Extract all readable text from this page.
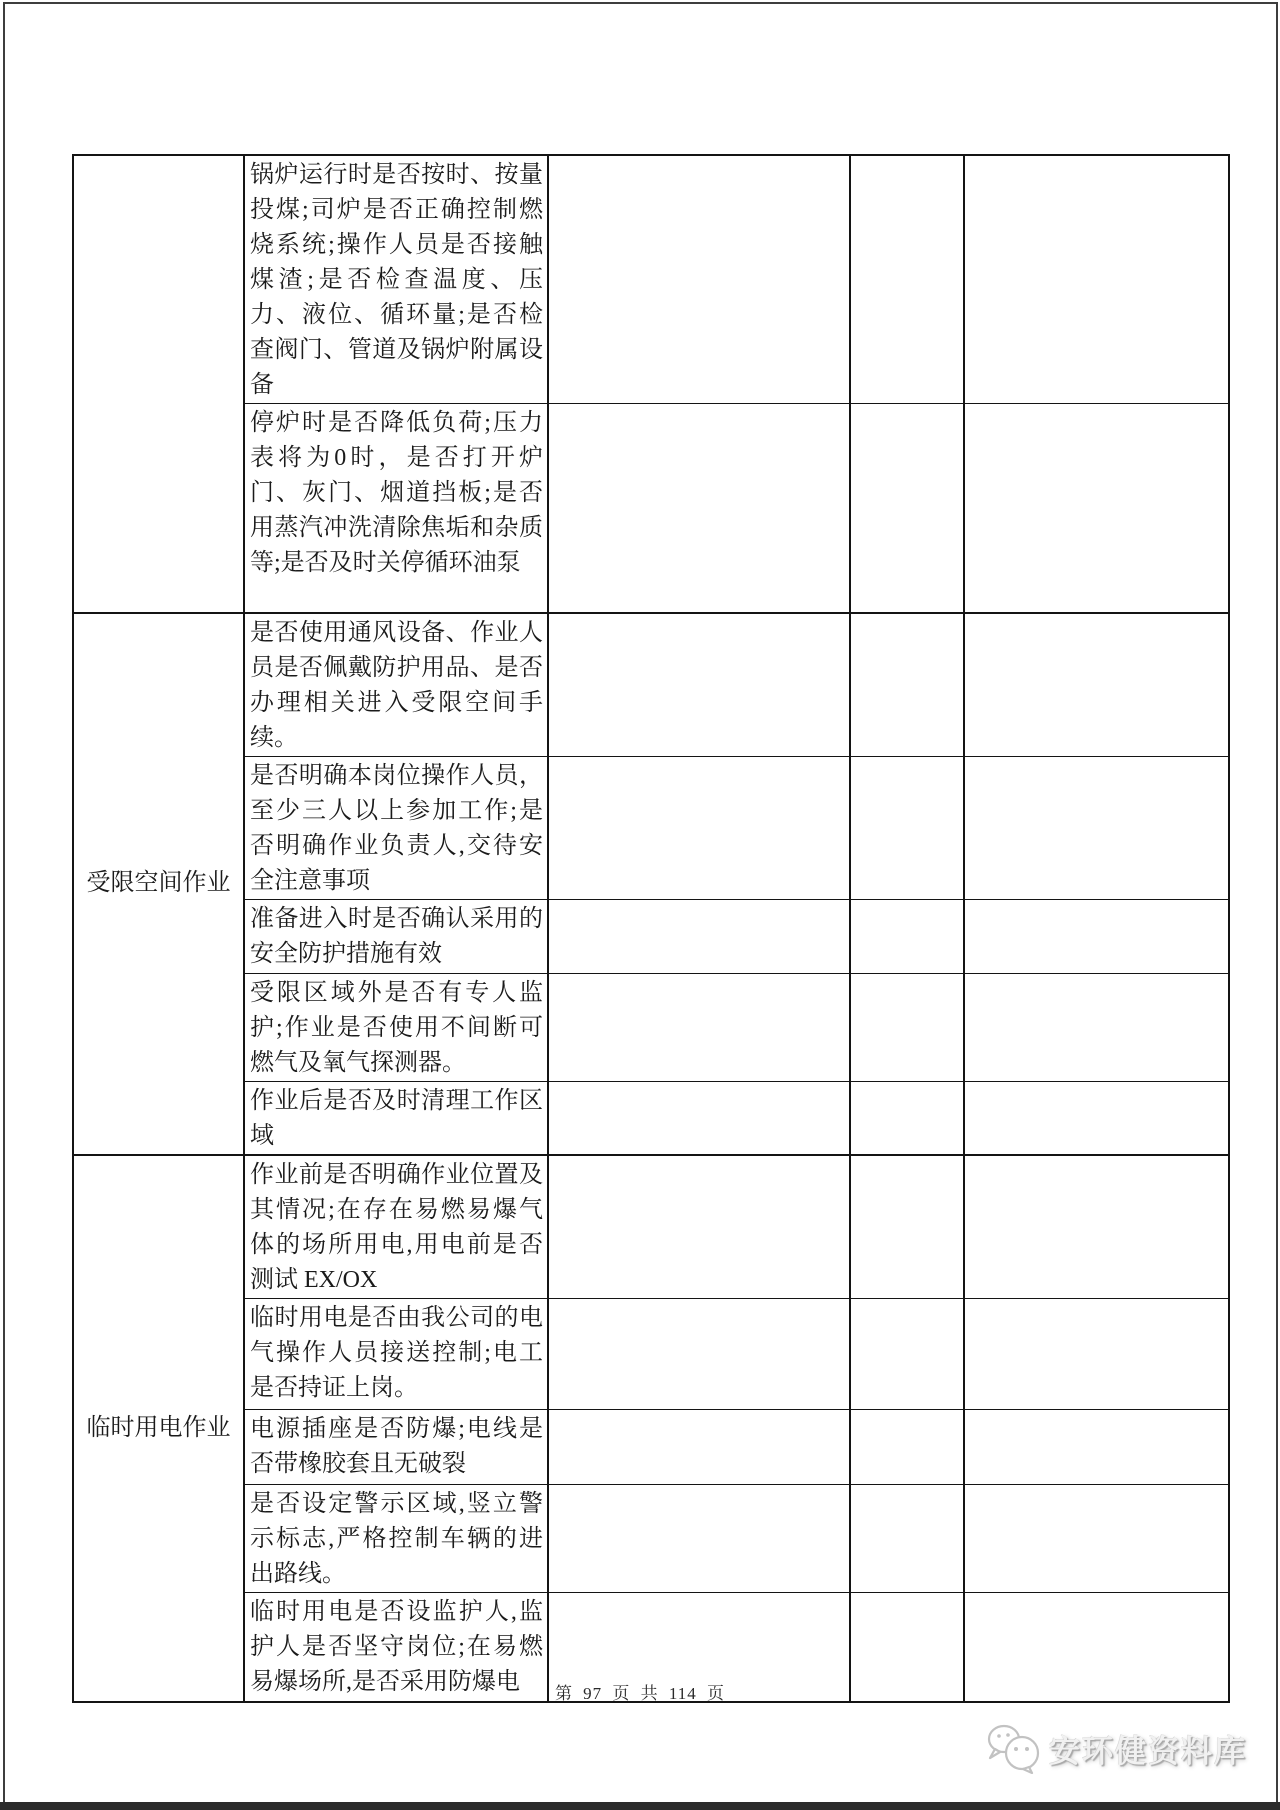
	锅炉运行时是否按时、按量投煤;司炉是否正确控制燃烧系统;操作人员是否接触煤渣;是否检查温度、压力、液位、循环量;是否检查阀门、管道及锅炉附属设备			
	停炉时是否降低负荷;压力表将为0时，是否打开炉门、灰门、烟道挡板;是否用蒸汽冲洗清除焦垢和杂质等;是否及时关停循环油泵			
受限空间作业	是否使用通风设备、作业人员是否佩戴防护用品、是否办理相关进入受限空间手续。			
	是否明确本岗位操作人员，至少三人以上参加工作;是否明确作业负责人,交待安全注意事项			
	准备进入时是否确认采用的安全防护措施有效			
	受限区域外是否有专人监护;作业是否使用不间断可燃气及氧气探测器。			
	作业后是否及时清理工作区域			
临时用电作业	作业前是否明确作业位置及其情况;在存在易燃易爆气体的场所用电,用电前是否测试 EX/OX			
	临时用电是否由我公司的电气操作人员接送控制;电工是否持证上岗。			
	电源插座是否防爆;电线是否带橡胶套且无破裂			
	是否设定警示区域,竖立警示标志,严格控制车辆的进出路线。			
	临时用电是否设监护人,监护人是否坚守岗位;在易燃易爆场所,是否采用防爆电				第 97 页 共 114 页
安环健资料库
